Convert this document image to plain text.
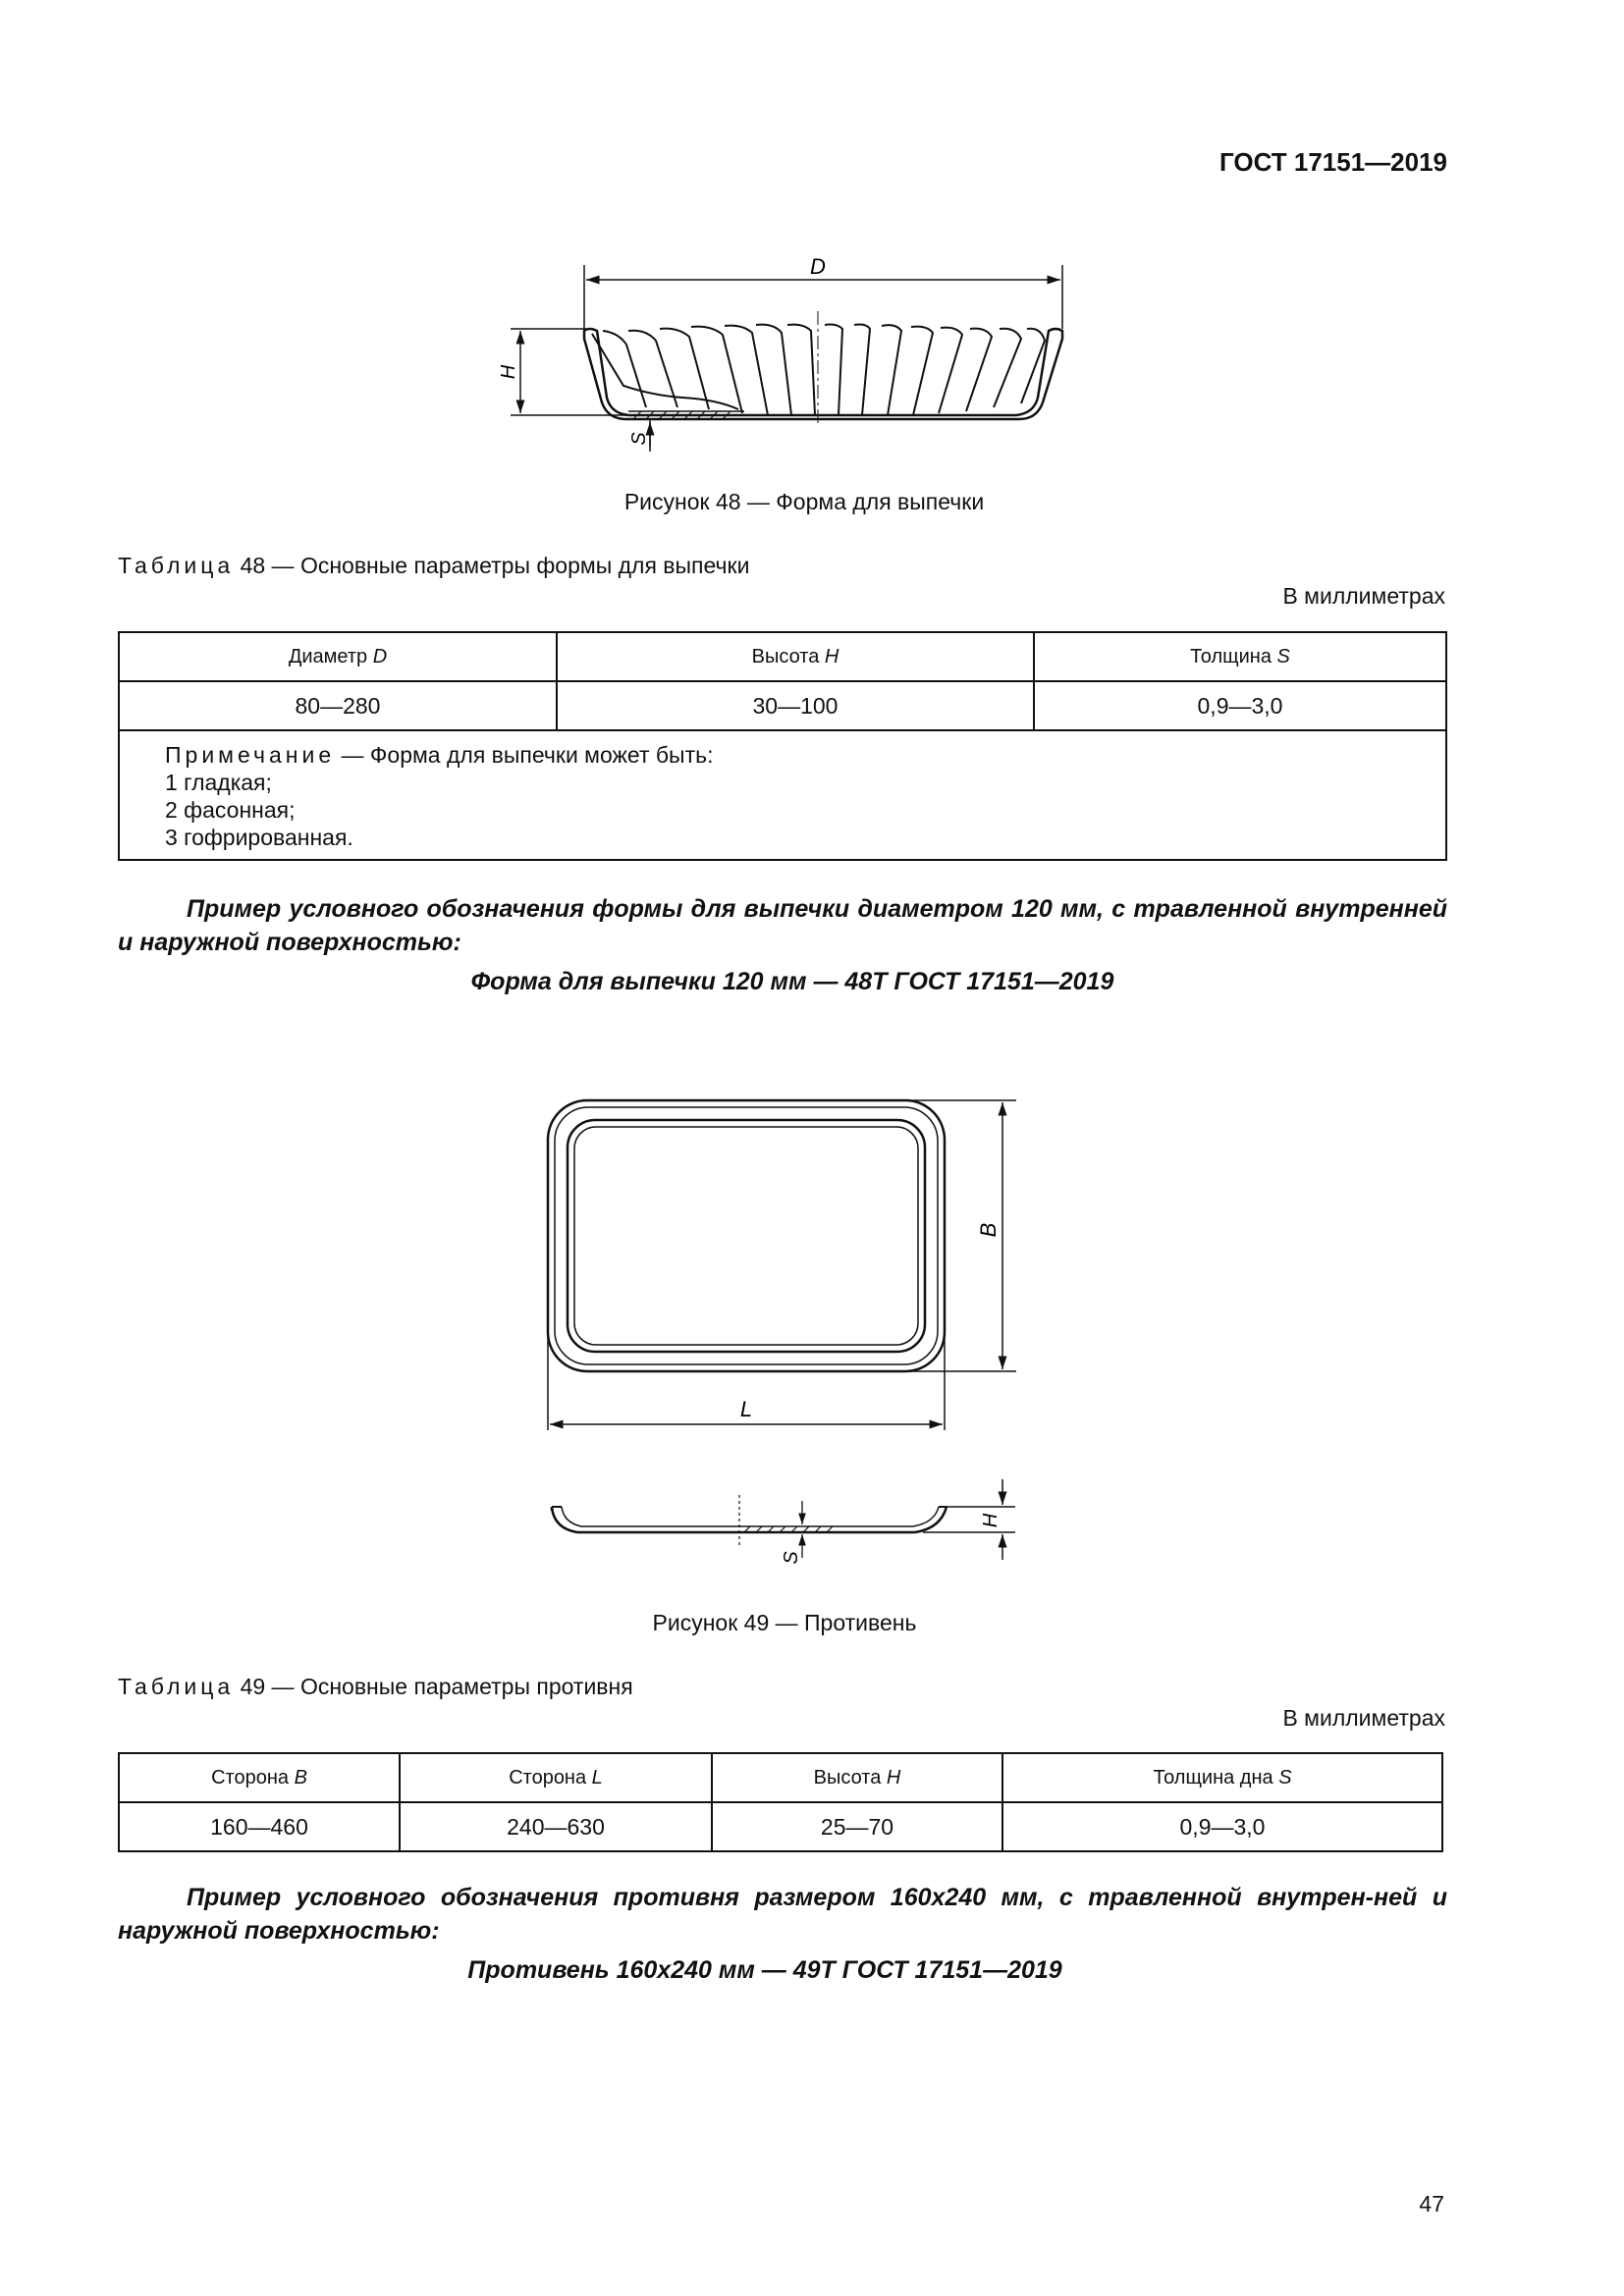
ГОСТ 17151—2019
D
H
S
Рисунок 48 — Форма для выпечки
Таблица 48 — Основные параметры формы для выпечки
В миллиметрах
Диаметр D	Высота H	Толщина S
80—280	30—100	0,9—3,0

Примечание — Форма для выпечки может быть:
1 гладкая;
2 фасонная;
3 гофрированная.		
Пример условного обозначения формы для выпечки диаметром 120 мм, с травленной внутренней и наружной поверхностью:
Форма для выпечки 120 мм — 48Т ГОСТ 17151—2019
B
L
S
H
Рисунок 49 — Противень
Таблица 49 — Основные параметры противня
В миллиметрах
Сторона B	Сторона L	Высота H	Толщина дна S
160—460	240—630	25—70	0,9—3,0
Пример условного обозначения противня размером 160х240 мм, с травленной внутрен-ней и наружной поверхностью:
Противень 160х240 мм — 49Т ГОСТ 17151—2019
47
